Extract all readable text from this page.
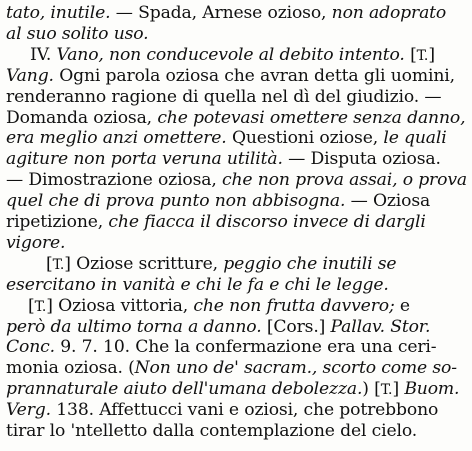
tato, inutile. — Spada, Arnese ozioso, non adoprato
al suo solito uso.
IV. Vano, non conducevole al debito intento. [T.]
Vang. Ogni parola oziosa che avran detta gli uomini,
renderanno ragione di quella nel dì del giudizio. —
Domanda oziosa, che potevasi omettere senza danno,
era meglio anzi omettere. Questioni oziose, le quali
agiture non porta veruna utilità. — Disputa oziosa.
— Dimostrazione oziosa, che non prova assai, o prova
quel che di prova punto non abbisogna. — Oziosa
ripetizione, che fiacca il discorso invece di dargli
vigore.
[T.] Oziose scritture, peggio che inutili se
esercitano in vanità e chi le fa e chi le legge.
[T.] Oziosa vittoria, che non frutta davvero; e
però da ultimo torna a danno. [Cors.] Pallav. Stor.
Conc. 9. 7. 10. Che la confermazione era una ceri-
monia oziosa. (Non uno de' sacram., scorto come so-
prannaturale aiuto dell'umana debolezza.) [T.] Buom.
Verg. 138. Affettucci vani e oziosi, che potrebbono
tirar lo 'ntelletto dalla contemplazione del cielo.
